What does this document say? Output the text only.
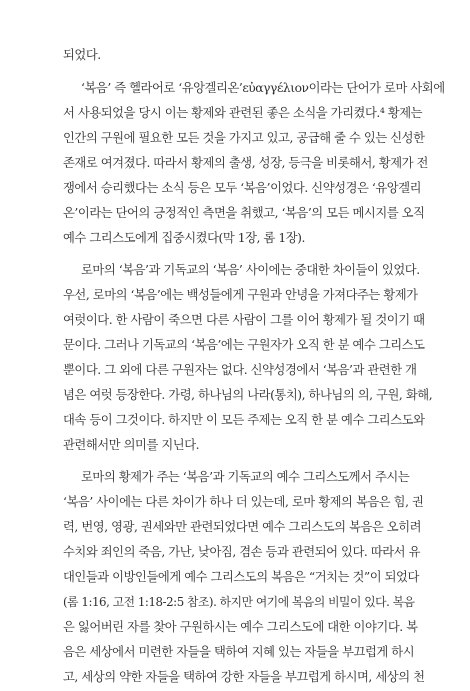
되었다.
‘복음’ 즉 헬라어로 ‘유앙겔리온’εὐαγγέλιον이라는 단어가 로마 사회에
서 사용되었을 당시 이는 황제와 관련된 좋은 소식을 가리켰다.⁴ 황제는
인간의 구원에 필요한 모든 것을 가지고 있고, 공급해 줄 수 있는 신성한
존재로 여겨졌다. 따라서 황제의 출생, 성장, 등극을 비롯해서, 황제가 전
쟁에서 승리했다는 소식 등은 모두 ‘복음’이었다. 신약성경은 ‘유앙겔리
온’이라는 단어의 긍정적인 측면을 취했고, ‘복음’의 모든 메시지를 오직
예수 그리스도에게 집중시켰다(막 1장, 롬 1장).
로마의 ‘복음’과 기독교의 ‘복음’ 사이에는 중대한 차이들이 있었다.
우선, 로마의 ‘복음’에는 백성들에게 구원과 안녕을 가져다주는 황제가
여럿이다. 한 사람이 죽으면 다른 사람이 그를 이어 황제가 될 것이기 때
문이다. 그러나 기독교의 ‘복음’에는 구원자가 오직 한 분 예수 그리스도
뿐이다. 그 외에 다른 구원자는 없다. 신약성경에서 ‘복음’과 관련한 개
념은 여럿 등장한다. 가령, 하나님의 나라(통치), 하나님의 의, 구원, 화해,
대속 등이 그것이다. 하지만 이 모든 주제는 오직 한 분 예수 그리스도와
관련해서만 의미를 지닌다.
로마의 황제가 주는 ‘복음’과 기독교의 예수 그리스도께서 주시는
‘복음’ 사이에는 다른 차이가 하나 더 있는데, 로마 황제의 복음은 힘, 권
력, 번영, 영광, 권세와만 관련되었다면 예수 그리스도의 복음은 오히려
수치와 죄인의 죽음, 가난, 낮아짐, 겸손 등과 관련되어 있다. 따라서 유
대인들과 이방인들에게 예수 그리스도의 복음은 “거치는 것”이 되었다
(롬 1:16, 고전 1:18-2:5 참조). 하지만 여기에 복음의 비밀이 있다. 복음
은 잃어버린 자를 찾아 구원하시는 예수 그리스도에 대한 이야기다. 복
음은 세상에서 미련한 자들을 택하여 지혜 있는 자들을 부끄럽게 하시
고, 세상의 약한 자들을 택하여 강한 자들을 부끄럽게 하시며, 세상의 천
